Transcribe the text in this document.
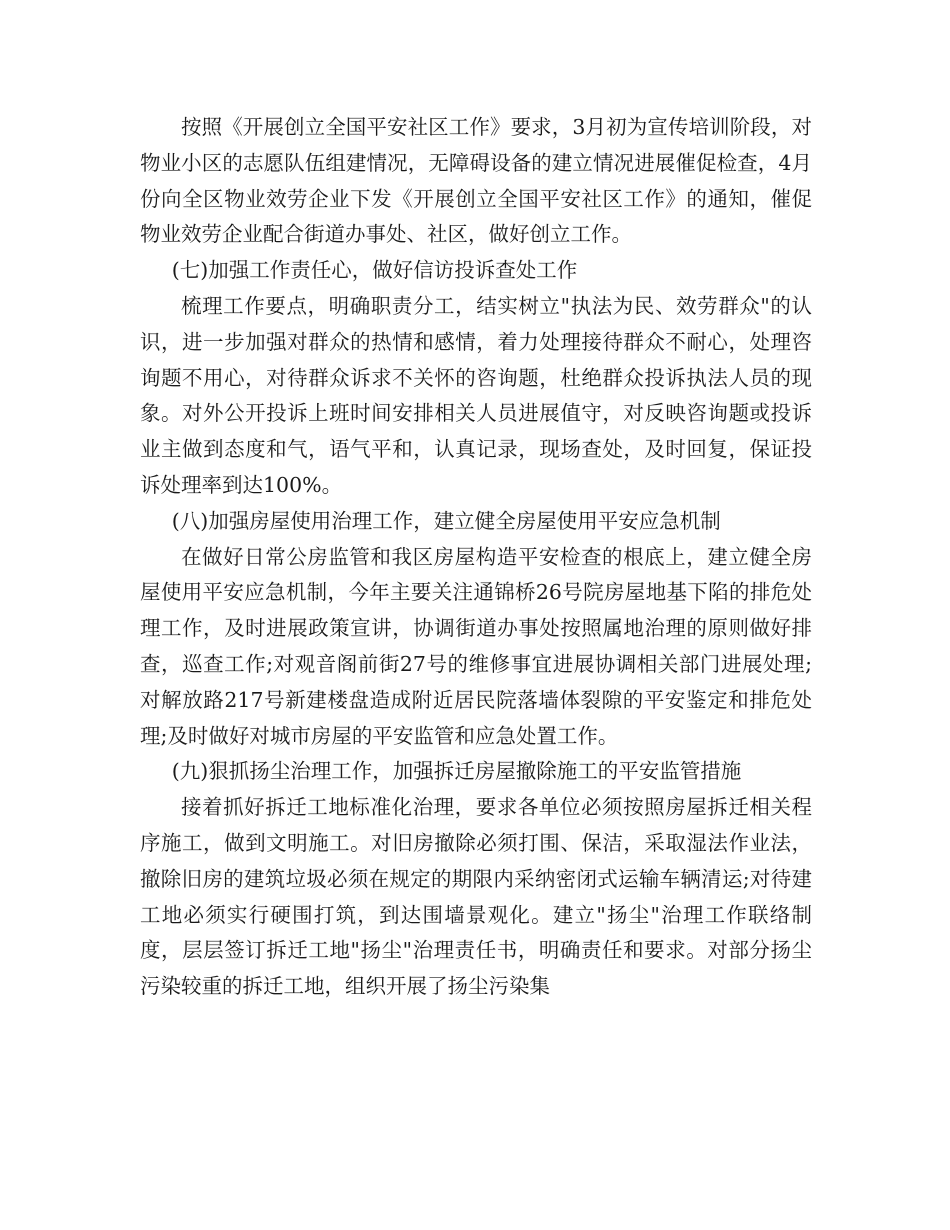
按照《开展创立全国平安社区工作》要求，3月初为宣传培训阶段，对物业小区的志愿队伍组建情况，无障碍设备的建立情况进展催促检查，4月份向全区物业效劳企业下发《开展创立全国平安社区工作》的通知，催促物业效劳企业配合街道办事处、社区，做好创立工作。

(七)加强工作责任心，做好信访投诉查处工作

梳理工作要点，明确职责分工，结实树立"执法为民、效劳群众"的认识，进一步加强对群众的热情和感情，着力处理接待群众不耐心，处理咨询题不用心，对待群众诉求不关怀的咨询题，杜绝群众投诉执法人员的现象。对外公开投诉上班时间安排相关人员进展值守，对反映咨询题或投诉业主做到态度和气，语气平和，认真记录，现场查处，及时回复，保证投诉处理率到达100%。

(八)加强房屋使用治理工作，建立健全房屋使用平安应急机制

在做好日常公房监管和我区房屋构造平安检查的根底上，建立健全房屋使用平安应急机制，今年主要关注通锦桥26号院房屋地基下陷的排危处理工作，及时进展政策宣讲，协调街道办事处按照属地治理的原则做好排查，巡查工作;对观音阁前街27号的维修事宜进展协调相关部门进展处理;对解放路217号新建楼盘造成附近居民院落墙体裂隙的平安鉴定和排危处理;及时做好对城市房屋的平安监管和应急处置工作。

(九)狠抓扬尘治理工作，加强拆迁房屋撤除施工的平安监管措施

接着抓好拆迁工地标准化治理，要求各单位必须按照房屋拆迁相关程序施工，做到文明施工。对旧房撤除必须打围、保洁，采取湿法作业法，撤除旧房的建筑垃圾必须在规定的期限内采纳密闭式运输车辆清运;对待建工地必须实行硬围打筑，到达围墙景观化。建立"扬尘"治理工作联络制度，层层签订拆迁工地"扬尘"治理责任书，明确责任和要求。对部分扬尘污染较重的拆迁工地，组织开展了扬尘污染集
